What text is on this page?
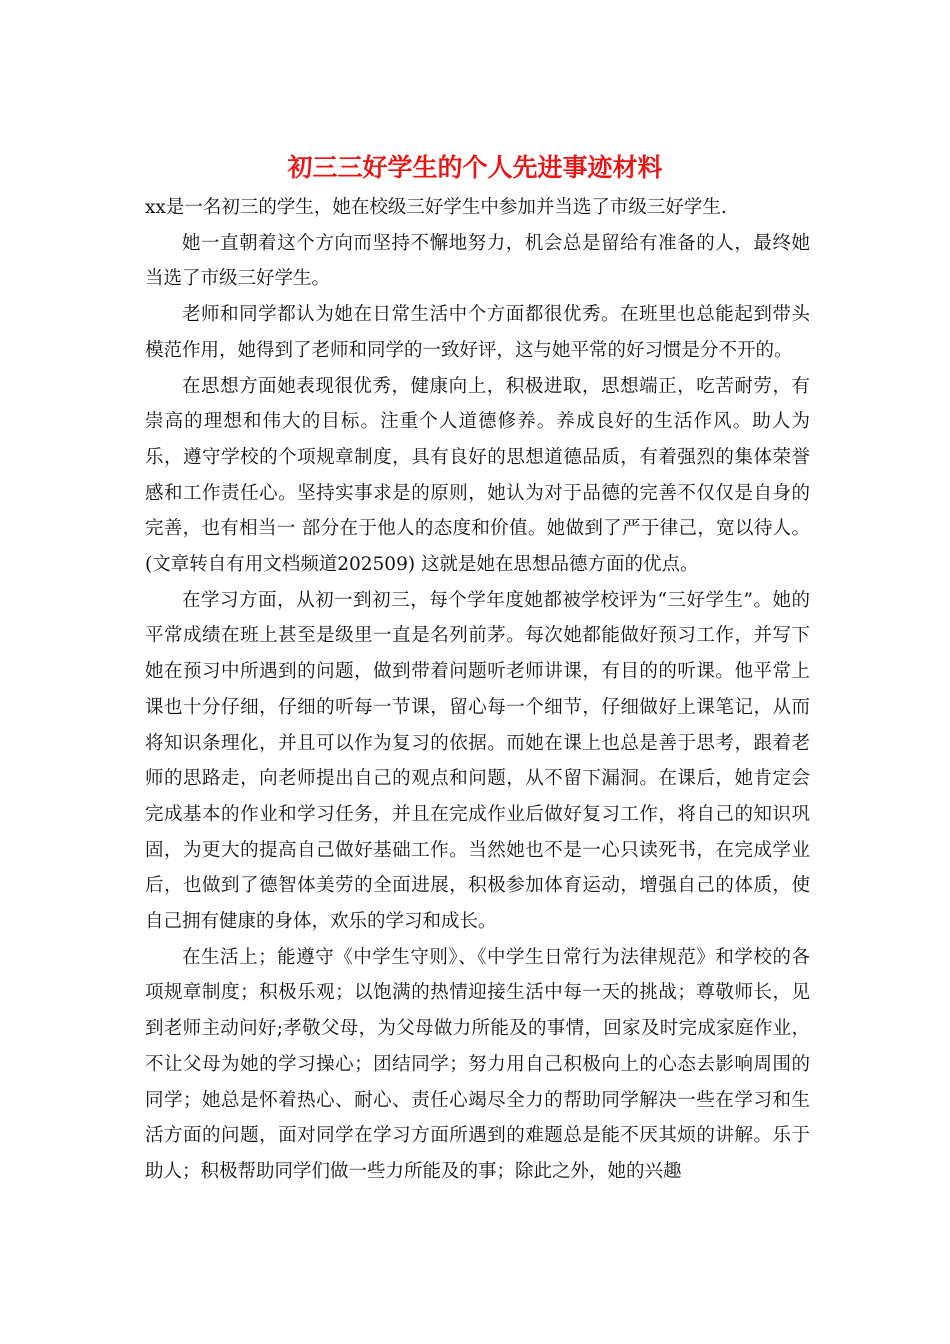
初三三好学生的个人先进事迹材料

xx是一名初三的学生，她在校级三好学生中参加并当选了市级三好学生.

她一直朝着这个方向而坚持不懈地努力，机会总是留给有准备的人，最终她当选了市级三好学生。

老师和同学都认为她在日常生活中个方面都很优秀。在班里也总能起到带头模范作用，她得到了老师和同学的一致好评，这与她平常的好习惯是分不开的。

在思想方面她表现很优秀，健康向上，积极进取，思想端正，吃苦耐劳，有崇高的理想和伟大的目标。注重个人道德修养。养成良好的生活作风。助人为乐，遵守学校的个项规章制度，具有良好的思想道德品质，有着强烈的集体荣誉感和工作责任心。坚持实事求是的原则，她认为对于品德的完善不仅仅是自身的完善，也有相当一 部分在于他人的态度和价值。她做到了严于律己，宽以待人。(文章转自有用文档频道202509) 这就是她在思想品德方面的优点。

在学习方面，从初一到初三，每个学年度她都被学校评为“三好学生”。她的平常成绩在班上甚至是级里一直是名列前茅。每次她都能做好预习工作，并写下她在预习中所遇到的问题，做到带着问题听老师讲课，有目的的听课。他平常上课也十分仔细，仔细的听每一节课，留心每一个细节，仔细做好上课笔记，从而将知识条理化，并且可以作为复习的依据。而她在课上也总是善于思考，跟着老师的思路走，向老师提出自己的观点和问题，从不留下漏洞。在课后，她肯定会完成基本的作业和学习任务，并且在完成作业后做好复习工作，将自己的知识巩固，为更大的提高自己做好基础工作。当然她也不是一心只读死书，在完成学业后，也做到了德智体美劳的全面进展，积极参加体育运动，增强自己的体质，使自己拥有健康的身体，欢乐的学习和成长。

在生活上；能遵守《中学生守则》、《中学生日常行为法律规范》和学校的各项规章制度；积极乐观；以饱满的热情迎接生活中每一天的挑战；尊敬师长，见到老师主动问好;孝敬父母，为父母做力所能及的事情，回家及时完成家庭作业，不让父母为她的学习操心；团结同学；努力用自己积极向上的心态去影响周围的同学；她总是怀着热心、耐心、责任心竭尽全力的帮助同学解决一些在学习和生活方面的问题，面对同学在学习方面所遇到的难题总是能不厌其烦的讲解。乐于助人；积极帮助同学们做一些力所能及的事；除此之外，她的兴趣
